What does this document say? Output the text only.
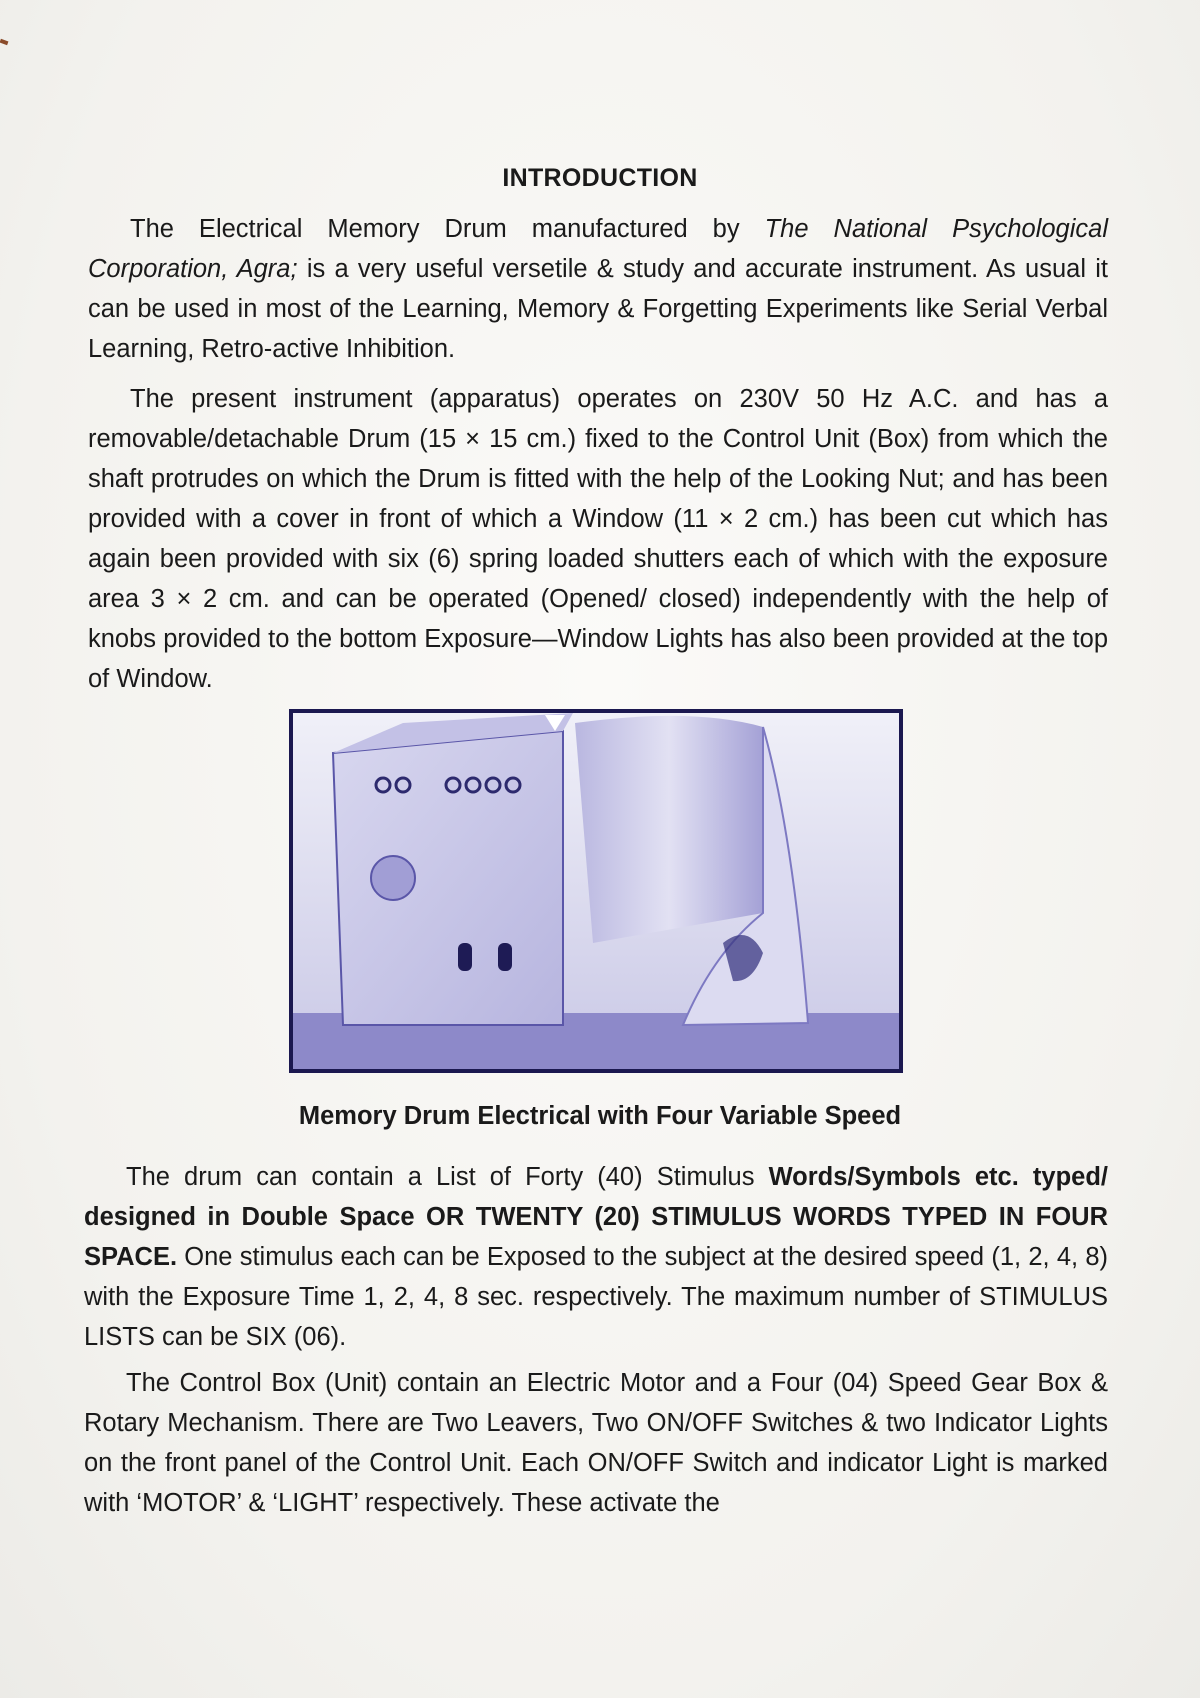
INTRODUCTION

The Electrical Memory Drum manufactured by The National Psychological Corporation, Agra; is a very useful versetile & study and accurate instrument. As usual it can be used in most of the Learning, Memory & Forgetting Experiments like Serial Verbal Learning, Retro-active Inhibition.

The present instrument (apparatus) operates on 230V 50 Hz A.C. and has a removable/detachable Drum (15 × 15 cm.) fixed to the Control Unit (Box) from which the shaft protrudes on which the Drum is fitted with the help of the Looking Nut; and has been provided with a cover in front of which a Window (11 × 2 cm.) has been cut which has again been provided with six (6) spring loaded shutters each of which with the exposure area 3 × 2 cm. and can be operated (Opened/ closed) independently with the help of knobs provided to the bottom Exposure—Window Lights has also been provided at the top of Window.

Memory Drum Electrical with Four Variable Speed

The drum can contain a List of Forty (40) Stimulus Words/Symbols etc. typed/ designed in Double Space OR TWENTY (20) STIMULUS WORDS TYPED IN FOUR SPACE. One stimulus each can be Exposed to the subject at the desired speed (1, 2, 4, 8) with the Exposure Time 1, 2, 4, 8 sec. respectively. The maximum number of STIMULUS LISTS can be SIX (06).

The Control Box (Unit) contain an Electric Motor and a Four (04) Speed Gear Box & Rotary Mechanism. There are Two Leavers, Two ON/OFF Switches & two Indicator Lights on the front panel of the Control Unit. Each ON/OFF Switch and indicator Light is marked with ‘MOTOR’ & ‘LIGHT’ respectively. These activate the
